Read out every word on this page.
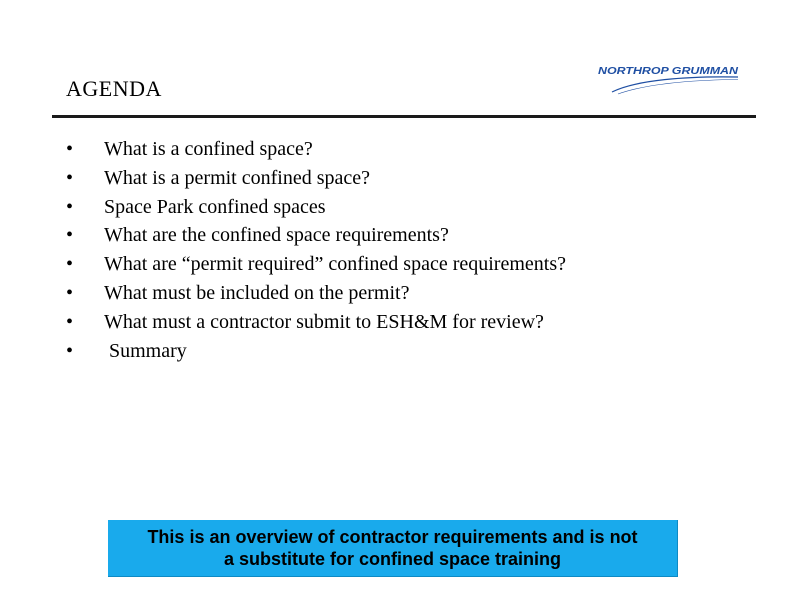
AGENDA
NORTHROP GRUMMAN
• What is a confined space?
• What is a permit confined space?
• Space Park confined spaces
• What are the confined space requirements?
• What are “permit required” confined space requirements?
• What must be included on the permit?
• What must a contractor submit to ESH&M for review?
• Summary
This is an overview of contractor requirements and is not
a substitute for confined space training
